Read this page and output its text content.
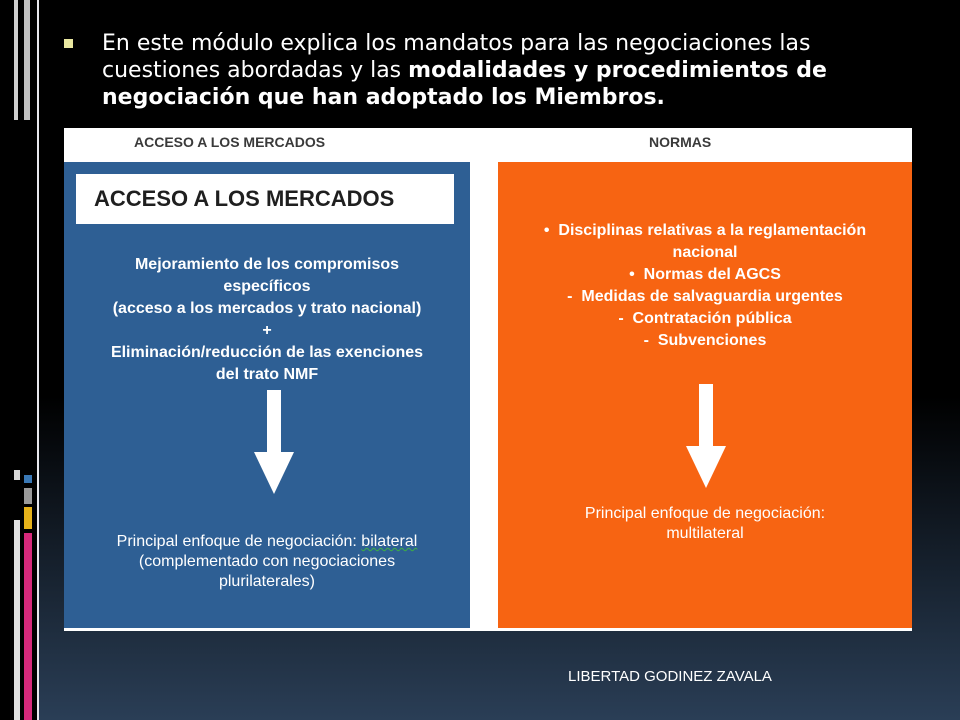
En este módulo explica los mandatos para las negociaciones las cuestiones abordadas y las modalidades y procedimientos de negociación que han adoptado los Miembros.
ACCESO A LOS MERCADOS	NORMAS
ACCESO A LOS MERCADOS
Mejoramiento de los compromisos
específicos
(acceso a los mercados y trato nacional)
+
Eliminación/reducción de las exenciones
del trato NMF
Principal enfoque de negociación: bilateral
(complementado con negociaciones
plurilaterales)
• Disciplinas relativas a la reglamentación
nacional
• Normas del AGCS
- Medidas de salvaguardia urgentes
- Contratación pública
- Subvenciones
Principal enfoque de negociación:
multilateral
LIBERTAD GODINEZ ZAVALA
